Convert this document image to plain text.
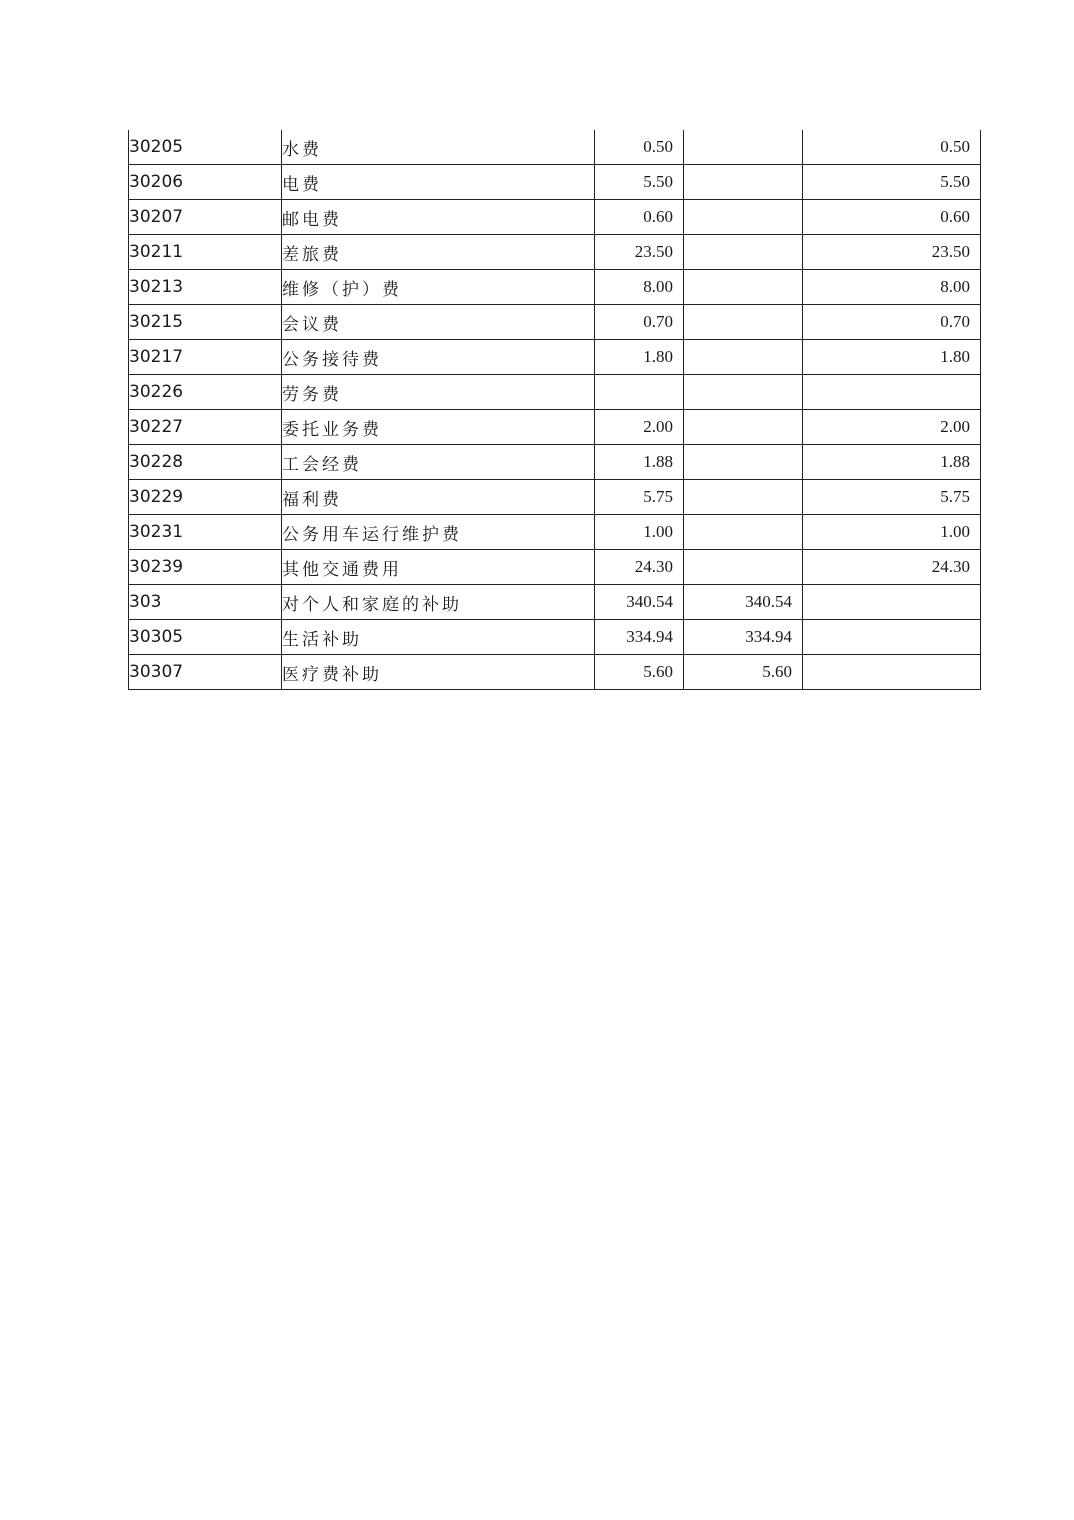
30205	水费	0.50		0.50
30206	电费	5.50		5.50
30207	邮电费	0.60		0.60
30211	差旅费	23.50		23.50
30213	维修（护）费	8.00		8.00
30215	会议费	0.70		0.70
30217	公务接待费	1.80		1.80
30226	劳务费			
30227	委托业务费	2.00		2.00
30228	工会经费	1.88		1.88
30229	福利费	5.75		5.75
30231	公务用车运行维护费	1.00		1.00
30239	其他交通费用	24.30		24.30
303	对个人和家庭的补助	340.54	340.54	
30305	生活补助	334.94	334.94	
30307	医疗费补助	5.60	5.60	
